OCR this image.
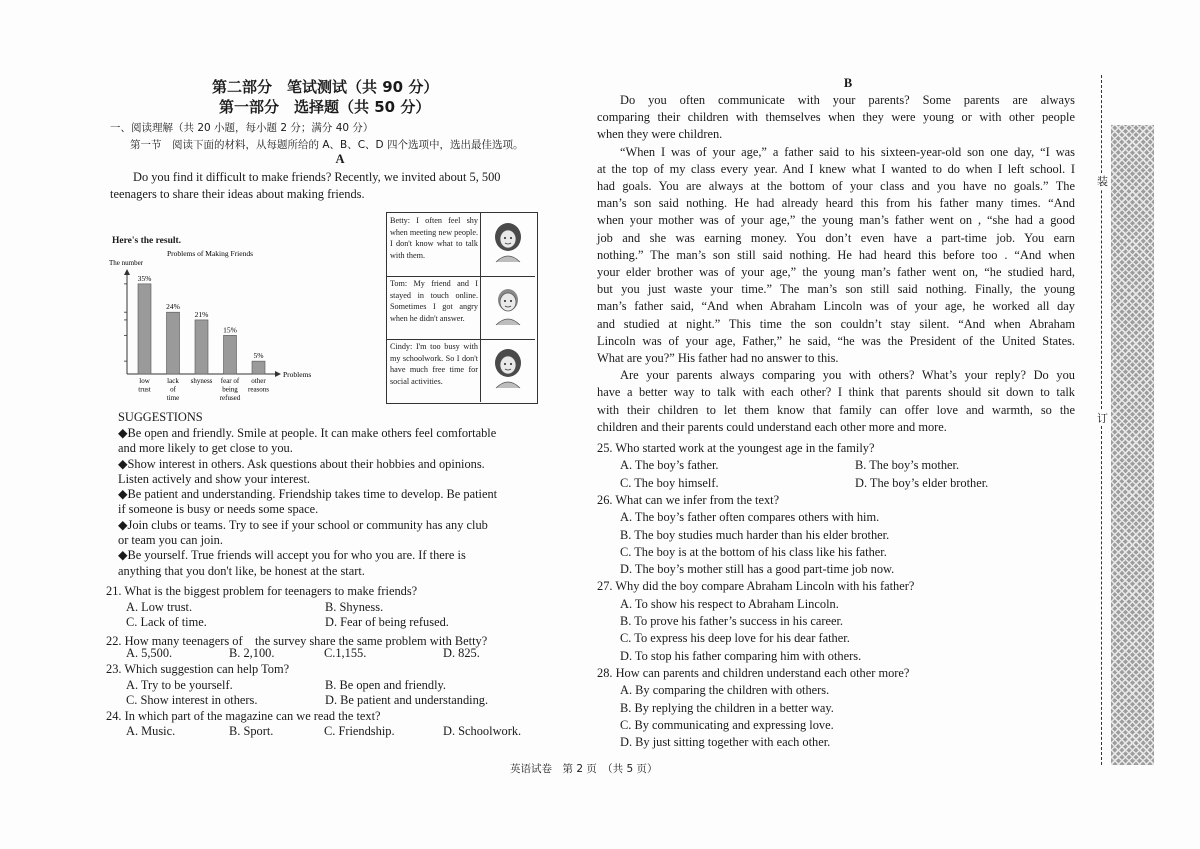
第二部分　笔试测试（共 90 分）
第一部分　选择题（共 50 分）
一、阅读理解（共 20 小题，每小题 2 分；满分 40 分）
第一节　阅读下面的材料，从每题所给的 A、B、C、D 四个选项中，选出最佳选项。
A
Do you find it difficult to make friends? Recently, we invited about 5, 500
teenagers to share their ideas about making friends.
Here's the result.
Problems of Making Friends
The number
Problems
35%
low
trust
24%
lack
of
time
21%
shyness
15%
fear of
being
refused
5%
other
reasons
Betty: I often feel shy when meeting new people. I don't know what to talk with them.
Tom: My friend and I stayed in touch online. Sometimes I got angry when he didn't answer.
Cindy: I'm too busy with my schoolwork. So I don't have much free time for social activities.
SUGGESTIONS
◆Be open and friendly. Smile at people. It can make others feel comfortable
and more likely to get close to you.
◆Show interest in others. Ask questions about their hobbies and opinions.
Listen actively and show your interest.
◆Be patient and understanding. Friendship takes time to develop. Be patient
if someone is busy or needs some space.
◆Join clubs or teams. Try to see if your school or community has any club
or team you can join.
◆Be yourself. True friends will accept you for who you are. If there is
anything that you don't like, be honest at the start.
21. What is the biggest problem for teenagers to make friends?
A. Low trust.	B. Shyness.
C. Lack of time.	D. Fear of being refused.
22. How many teenagers of　the survey share the same problem with Betty?
A. 5,500.	B. 2,100.	C.1,155.	D. 825.
23. Which suggestion can help Tom?
A. Try to be yourself.	B. Be open and friendly.
C. Show interest in others.	D. Be patient and understanding.
24. In which part of the magazine can we read the text?
A. Music.	B. Sport.	C. Friendship.	D. Schoolwork.
B
Do you often communicate with your parents? Some parents are always
comparing their children with themselves when they were young or with other people
when they were children.
“When I was of your age,” a father said to his sixteen-year-old son one day, “I was
at the top of my class every year. And I knew what I wanted to do when I left school. I
had goals. You are always at the bottom of your class and you have no goals.” The
man’s son said nothing. He had already heard this from his father many times. “And
when your mother was of your age,” the young man’s father went on , “she had a good
job and she was earning money. You don’t even have a part-time job. You earn
nothing.” The man’s son still said nothing. He had heard this before too . “And when
your elder brother was of your age,” the young man’s father went on, “he studied hard,
but you just waste your time.” The man’s son still said nothing. Finally, the young
man’s father said, “And when Abraham Lincoln was of your age, he worked all day
and studied at night.” This time the son couldn’t stay silent. “And when Abraham
Lincoln was of your age, Father,” he said, “he was the President of the United States.
What are you?” His father had no answer to this.
Are your parents always comparing you with others? What’s your reply? Do you
have a better way to talk with each other? I think that parents should sit down to talk
with their children to let them know that family can offer love and warmth, so the
children and their parents could understand each other more and more.
25. Who started work at the youngest age in the family?
A. The boy’s father.	B. The boy’s mother.
C. The boy himself.	D. The boy’s elder brother.
26. What can we infer from the text?
A. The boy’s father often compares others with him.
B. The boy studies much harder than his elder brother.
C. The boy is at the bottom of his class like his father.
D. The boy’s mother still has a good part-time job now.
27. Why did the boy compare Abraham Lincoln with his father?
A. To show his respect to Abraham Lincoln.
B. To prove his father’s success in his career.
C. To express his deep love for his dear father.
D. To stop his father comparing him with others.
28. How can parents and children understand each other more?
A. By comparing the children with others.
B. By replying the children in a better way.
C. By communicating and expressing love.
D. By just sitting together with each other.
装
订
英语试卷　第 2 页　（共 5 页）
